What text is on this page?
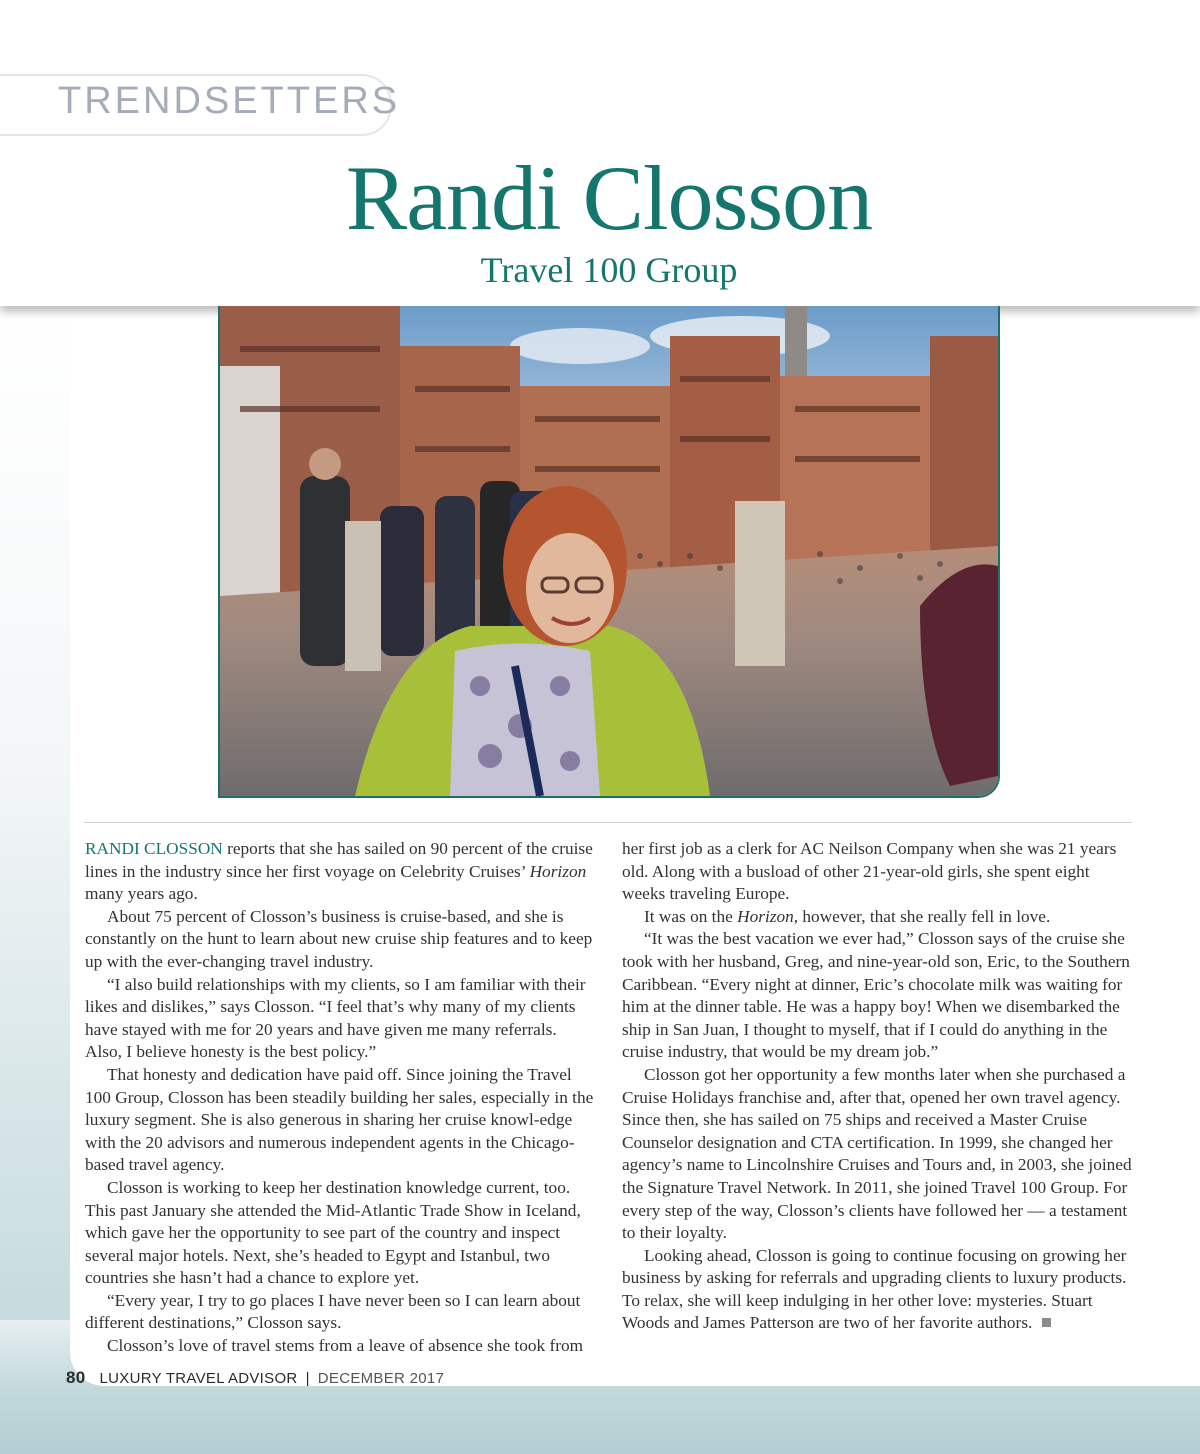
TRENDSETTERS
Randi Closson
Travel 100 Group

RANDI CLOSSON reports that she has sailed on 90 percent of the cruise lines in the industry since her first voyage on Celebrity Cruises’ Horizon many years ago.

About 75 percent of Closson’s business is cruise-based, and she is constantly on the hunt to learn about new cruise ship features and to keep up with the ever-changing travel industry.

“I also build relationships with my clients, so I am familiar with their likes and dislikes,” says Closson. “I feel that’s why many of my clients have stayed with me for 20 years and have given me many referrals. Also, I believe honesty is the best policy.”

That honesty and dedication have paid off. Since joining the Travel 100 Group, Closson has been steadily building her sales, especially in the luxury segment. She is also generous in sharing her cruise knowl-edge with the 20 advisors and numerous independent agents in the Chicago-based travel agency.

Closson is working to keep her destination knowledge current, too. This past January she attended the Mid-Atlantic Trade Show in Iceland, which gave her the opportunity to see part of the country and inspect several major hotels. Next, she’s headed to Egypt and Istanbul, two countries she hasn’t had a chance to explore yet.

“Every year, I try to go places I have never been so I can learn about different destinations,” Closson says.

Closson’s love of travel stems from a leave of absence she took from

her first job as a clerk for AC Neilson Company when she was 21 years old. Along with a busload of other 21-year-old girls, she spent eight weeks traveling Europe.

It was on the Horizon, however, that she really fell in love.

“It was the best vacation we ever had,” Closson says of the cruise she took with her husband, Greg, and nine-year-old son, Eric, to the Southern Caribbean. “Every night at dinner, Eric’s chocolate milk was waiting for him at the dinner table. He was a happy boy! When we disembarked the ship in San Juan, I thought to myself, that if I could do anything in the cruise industry, that would be my dream job.”

Closson got her opportunity a few months later when she purchased a Cruise Holidays franchise and, after that, opened her own travel agency. Since then, she has sailed on 75 ships and received a Master Cruise Counselor designation and CTA certification. In 1999, she changed her agency’s name to Lincolnshire Cruises and Tours and, in 2003, she joined the Signature Travel Network. In 2011, she joined Travel 100 Group. For every step of the way, Closson’s clients have followed her — a testament to their loyalty.

Looking ahead, Closson is going to continue focusing on growing her business by asking for referrals and upgrading clients to luxury products. To relax, she will keep indulging in her other love: mysteries. Stuart Woods and James Patterson are two of her favorite authors.

80 LUXURY TRAVEL ADVISOR | DECEMBER 2017
